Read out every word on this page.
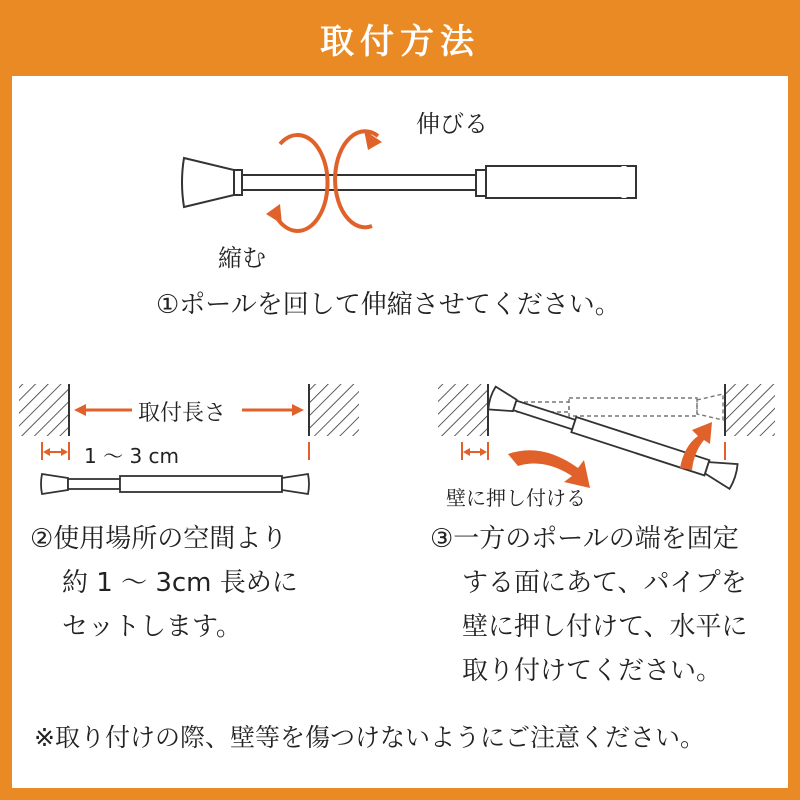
取付方法
伸びる
縮む
①ポールを回して伸縮させてください。
取付長さ
1 ～ 3 cm
壁に押し付ける
②使用場所の空間より
約 1 ～ 3cm 長めに
セットします。
③一方のポールの端を固定
する面にあて、パイプを
壁に押し付けて、水平に
取り付けてください。
※取り付けの際、壁等を傷つけないようにご注意ください。
